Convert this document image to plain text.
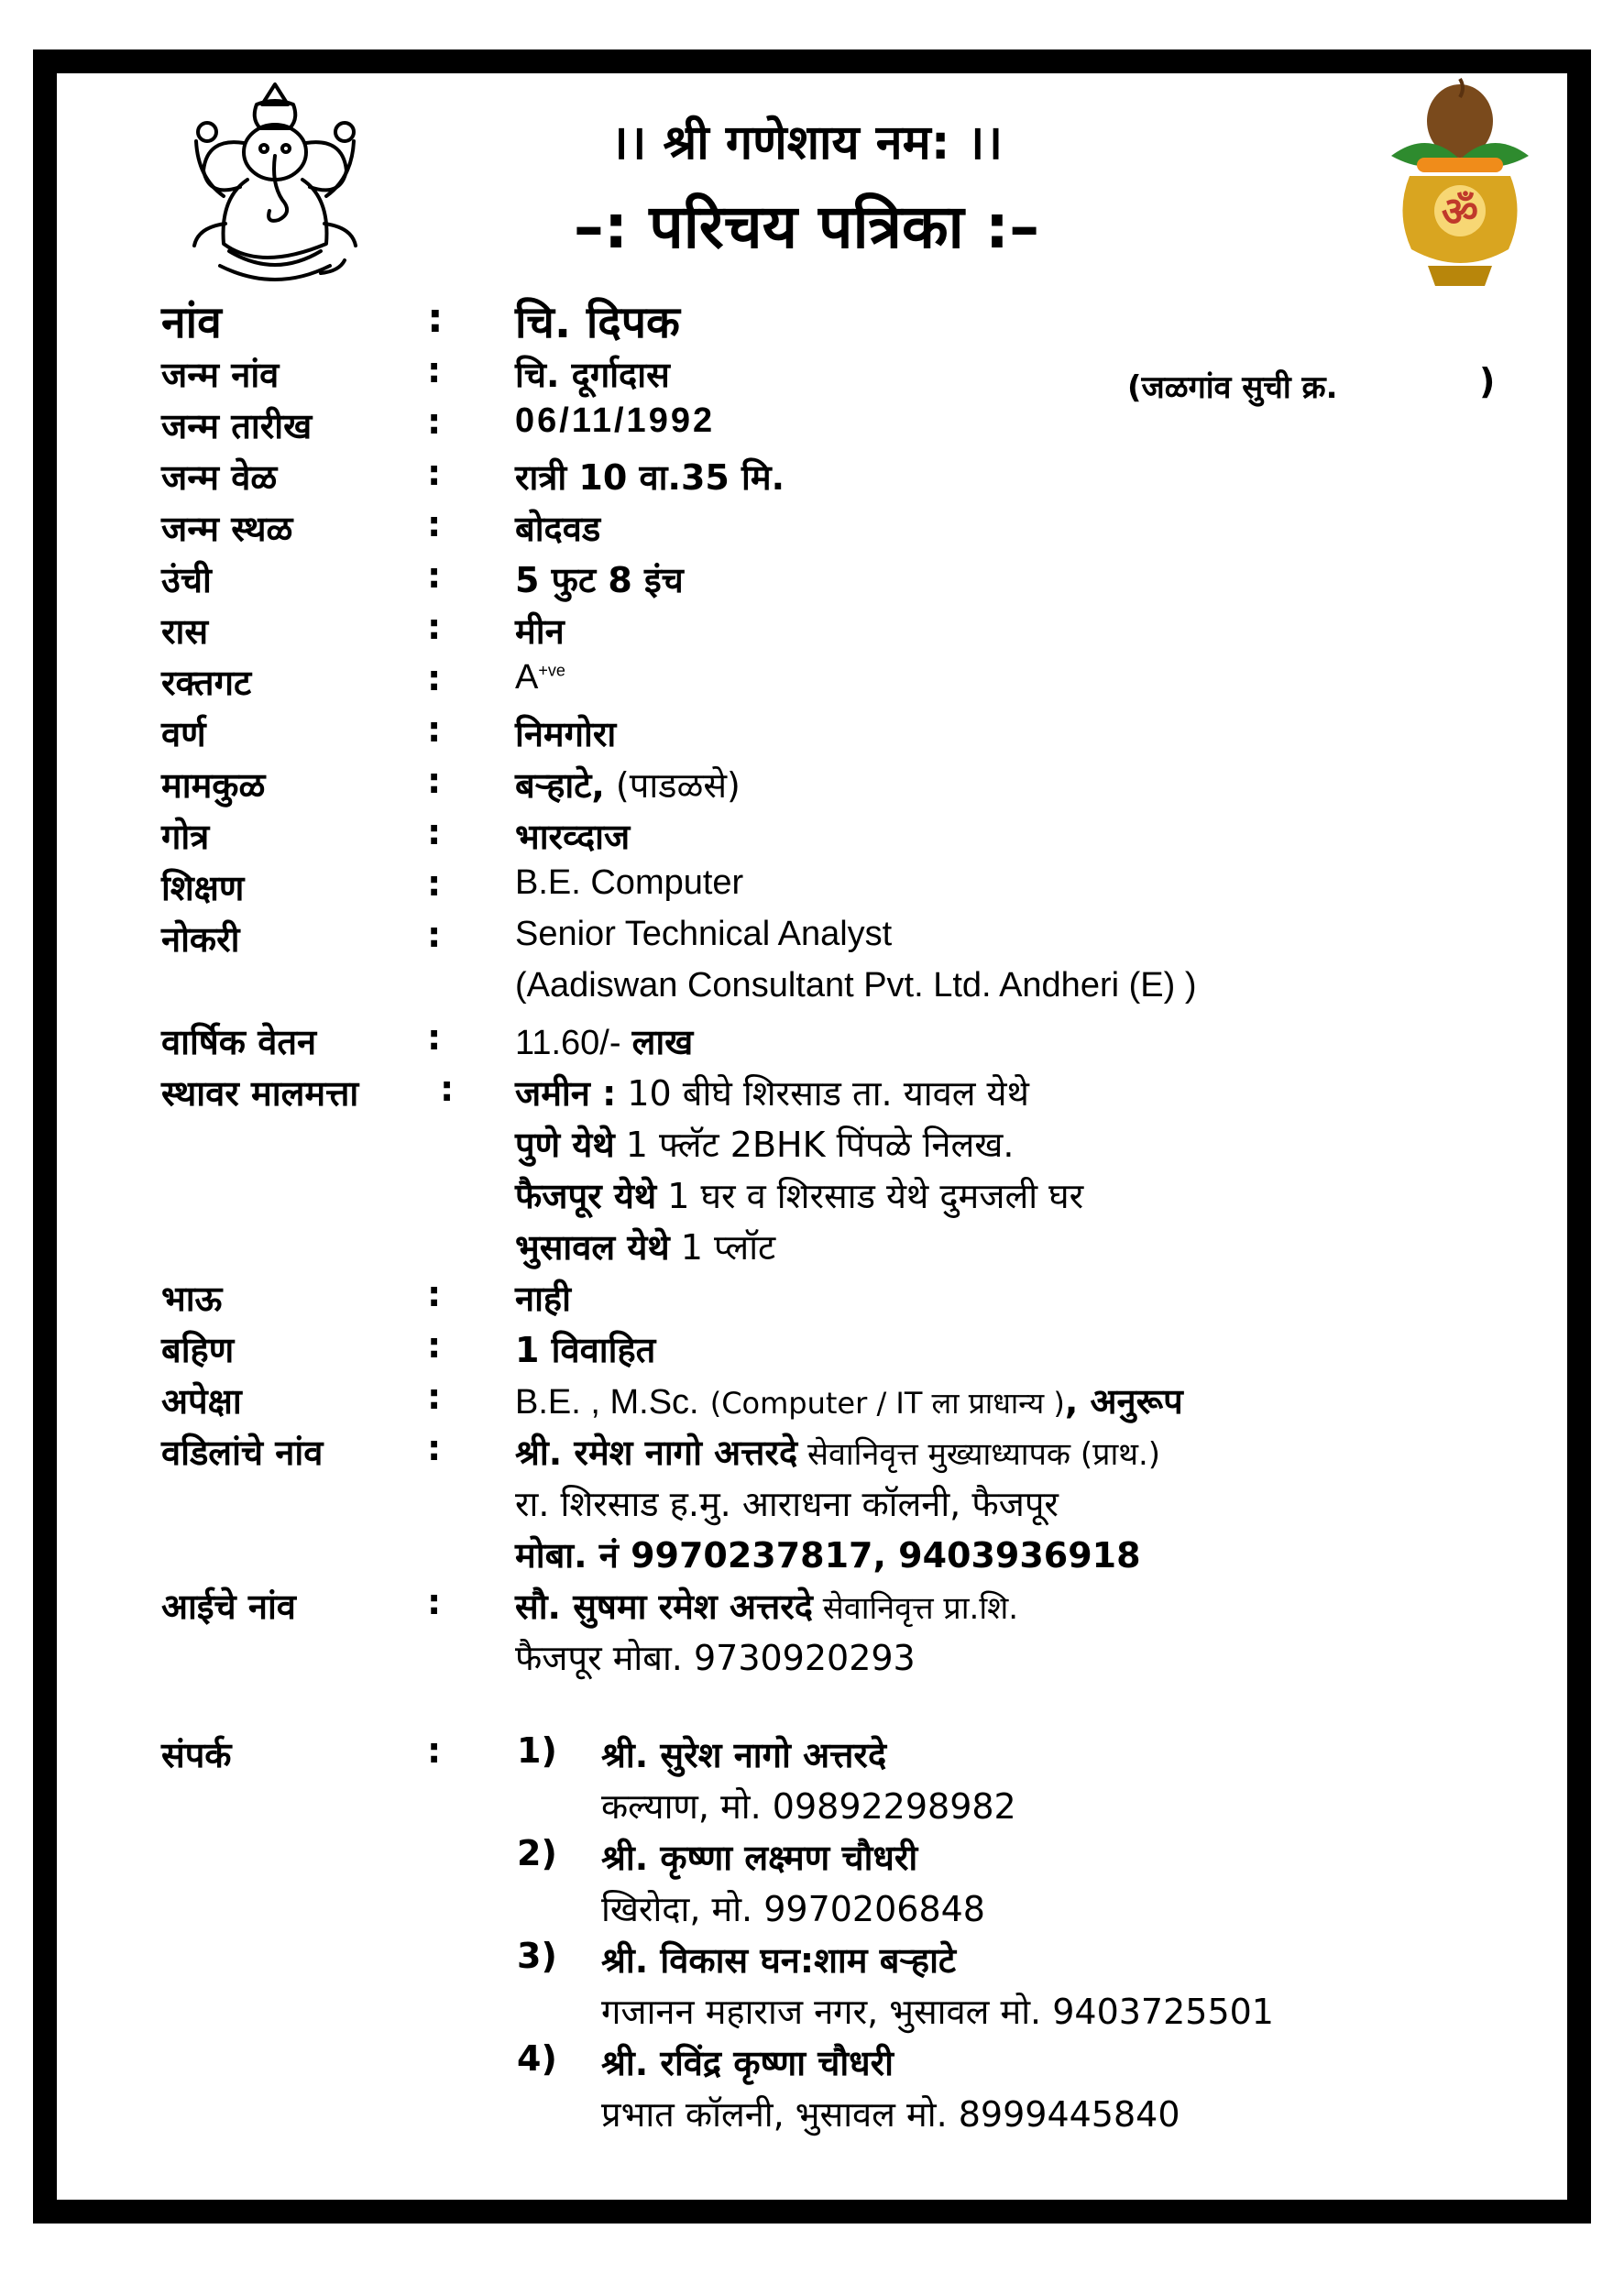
ॐ
।। श्री गणेशाय नम: ।।
–: परिचय पत्रिका :–
(जळगांव सुची क्र.	)
नांव	: चि. दिपक
जन्म नांव	: चि. दूर्गादास
जन्म तारीख	: 06/11/1992
जन्म वेळ	: रात्री 10 वा.35 मि.
जन्म स्थळ	: बोदवड
उंची	: 5 फुट 8 इंच
रास	: मीन
रक्तगट	: $A^{+ve}$
वर्ण	: निमगोरा
मामकुळ	: बऱ्हाटे, (पाडळसे)
गोत्र	: भारव्दाज
शिक्षण	: B.E. Computer
नोकरी	: Senior Technical Analyst
(Aadiswan Consultant Pvt. Ltd. Andheri (E) )
वार्षिक वेतन	: 11.60/- लाख
स्थावर मालमत्ता : जमीन : 10 बीघे शिरसाड ता. यावल येथे
पुणे येथे 1 फ्लॅट 2BHK पिंपळे निलख.
फैजपूर येथे 1 घर व शिरसाड येथे दुमजली घर
भुसावल येथे 1 प्लॉट
भाऊ	: नाही
बहिण	: 1 विवाहित
अपेक्षा	: B.E. , M.Sc. (Computer / IT ला प्राधान्य ), अनुरूप
वडिलांचे नांव	: श्री. रमेश नागो अत्तरदे सेवानिवृत्त मुख्याध्यापक (प्राथ.)
रा. शिरसाड ह.मु. आराधना कॉलनी, फैजपूर
मोबा. नं 9970237817, 9403936918
आईचे नांव	: सौ. सुषमा रमेश अत्तरदे सेवानिवृत्त प्रा.शि.
फैजपूर मोबा. 9730920293
संपर्क	: 1) श्री. सुरेश नागो अत्तरदे
कल्याण, मो. 09892298982
2) श्री. कृष्णा लक्ष्मण चौधरी
खिरोदा, मो. 9970206848
3) श्री. विकास घन:शाम बऱ्हाटे
गजानन महाराज नगर, भुसावल मो. 9403725501
4) श्री. रविंद्र कृष्णा चौधरी
प्रभात कॉलनी, भुसावल मो. 8999445840
